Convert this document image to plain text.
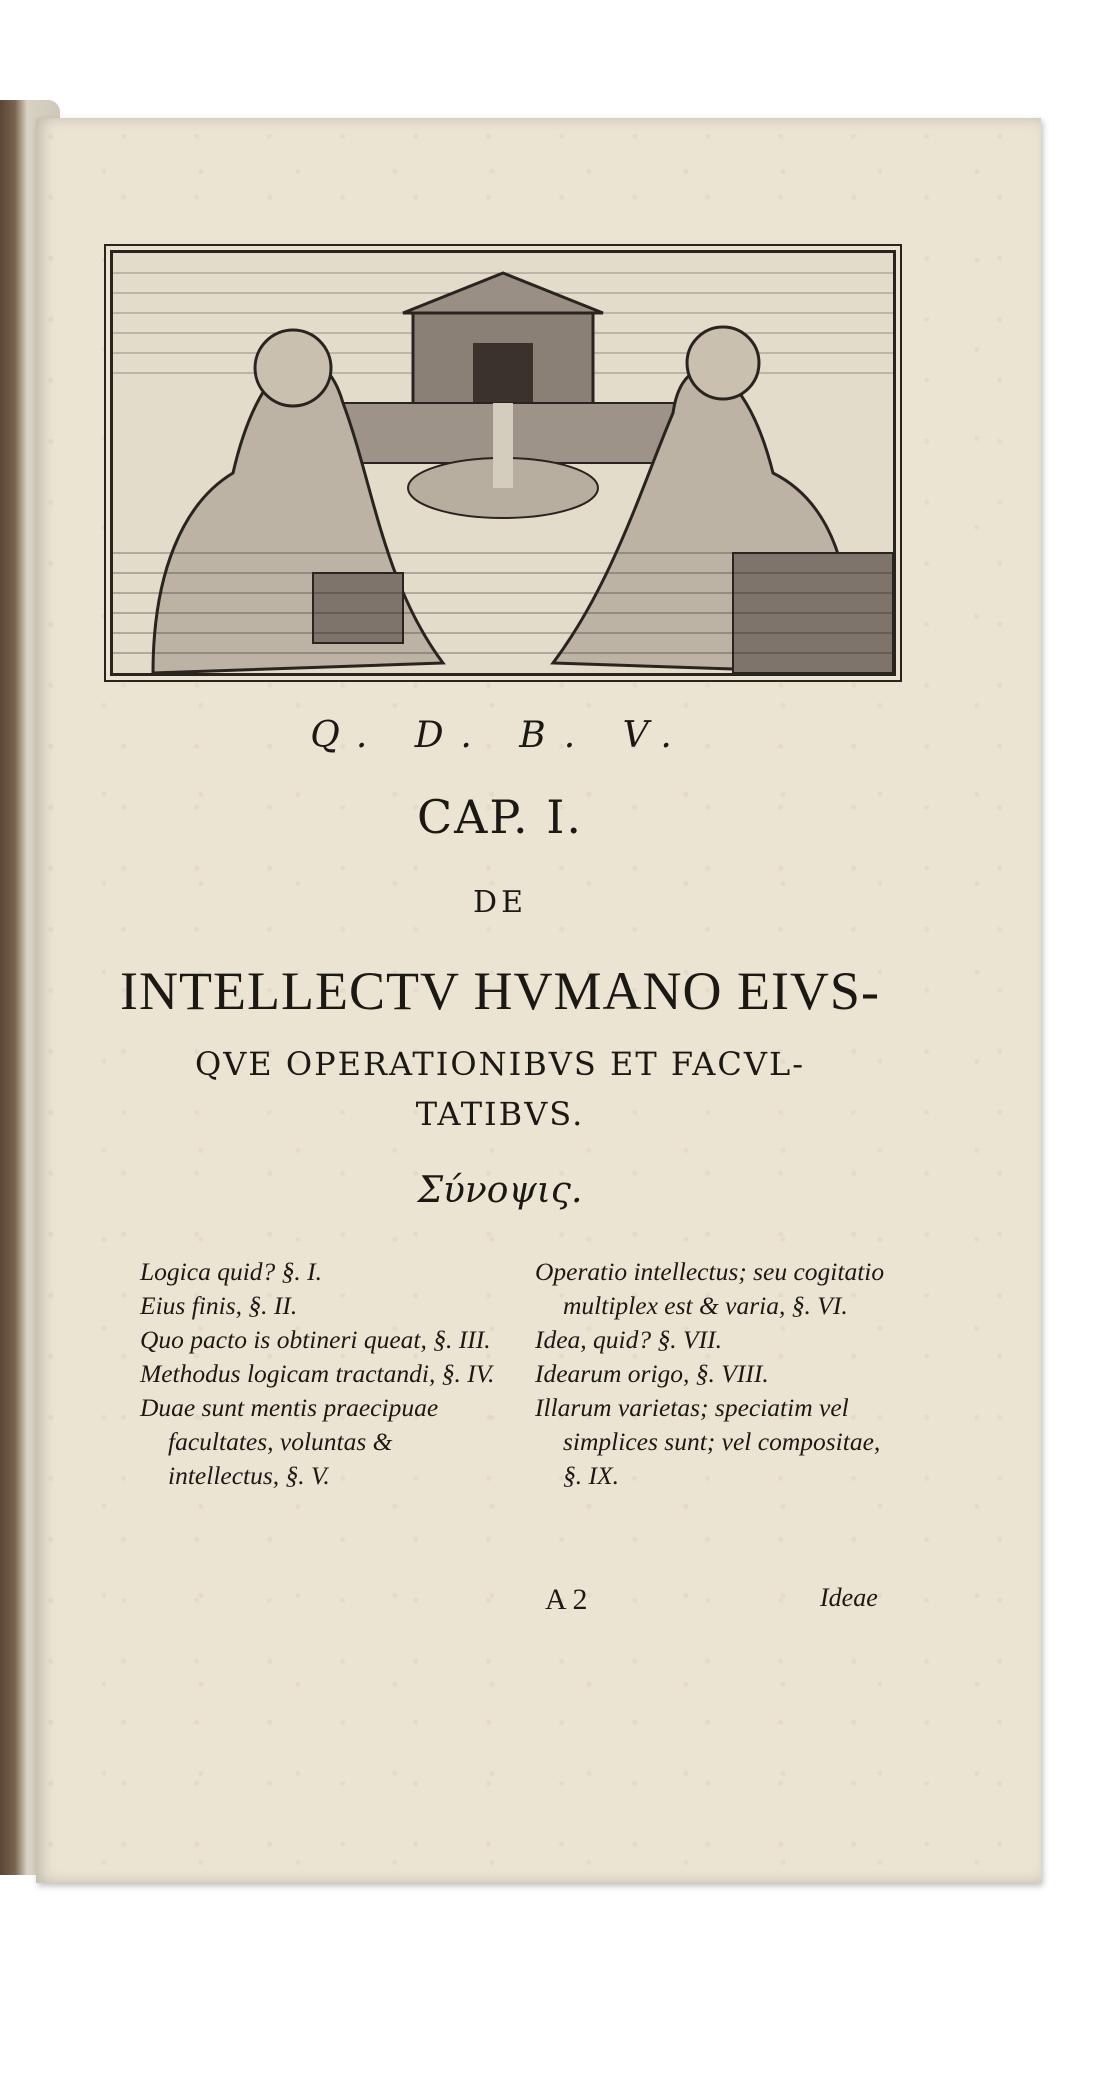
Q. D. B. V.
CAP. I.
DE
INTELLECTV HVMANO EIVS-
QVE OPERATIONIBVS ET FACVL-
TATIBVS.
Σύνοψις.

Logica quid? §. I.

Eius finis, §. II.

Quo pacto is obtineri queat, §. III.

Methodus logicam tractandi, §. IV.

Duae sunt mentis praecipuae facultates, voluntas & intellectus, §. V.

Operatio intellectus; seu cogitatio multiplex est & varia, §. VI.

Idea, quid? §. VII.

Idearum origo, §. VIII.

Illarum varietas; speciatim vel simplices sunt; vel compositae, §. IX.

A 2	Ideae
